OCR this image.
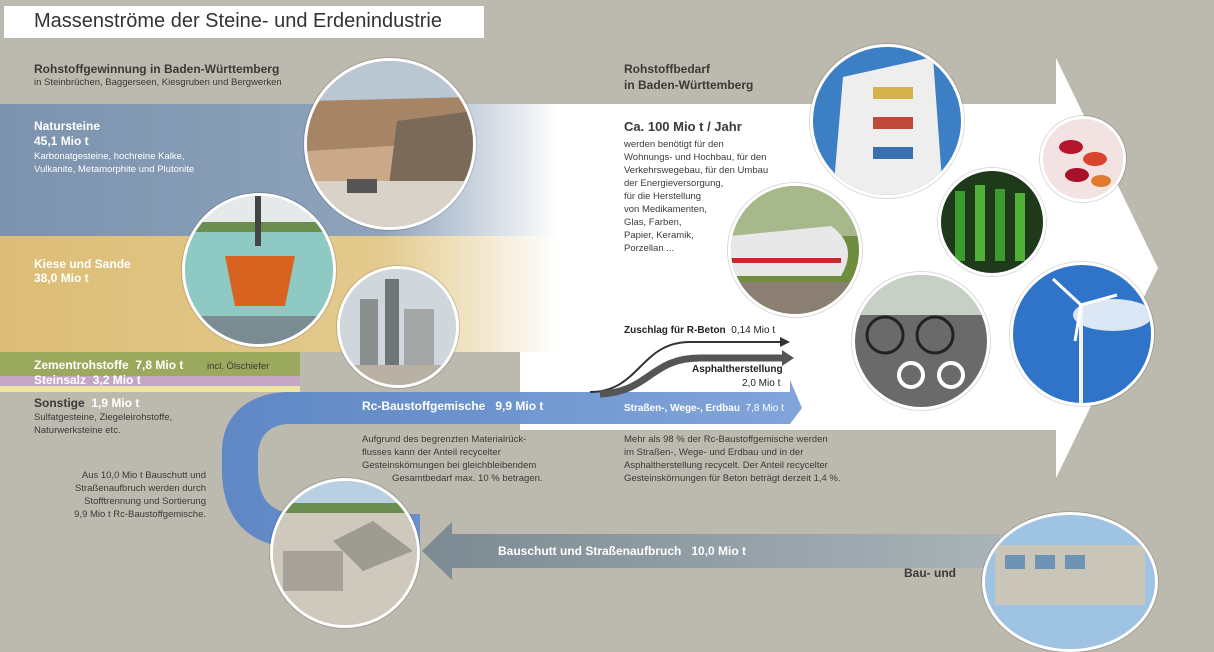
Massenströme der Steine- und Erdenindustrie
Rohstoffgewinnung in Baden-Württemberg
in Steinbrüchen, Baggerseen, Kiesgruben und Bergwerken
Natursteine
45,1 Mio t
Karbonatgesteine, hochreine Kalke,
Vulkanite, Metamorphite und Plutonite
Kiese und Sande
38,0 Mio t
Zementrohstoffe 7,8 Mio t incl. Ölschiefer
Steinsalz 3,2 Mio t
Sonstige 1,9 Mio t
Sulfatgesteine, Ziegeleirohstoffe,
Naturwerksteine etc.
Rohstoffbedarf
in Baden-Württemberg
Ca. 100 Mio t / Jahr
werden benötigt für den
Wohnungs- und Hochbau, für den
Verkehrswegebau, für den Umbau
der Energieversorgung,
für die Herstellung
von Medikamenten,
Glas, Farben,
Papier, Keramik,
Porzellan ...
Zuschlag für R-Beton 0,14 Mio t
Asphaltherstellung
2,0 Mio t
Straßen-, Wege-, Erdbau 7,8 Mio t
Mehr als 98 % der Rc-Baustoffgemische werden
im Straßen-, Wege- und Erdbau und in der
Asphaltherstellung recycelt. Der Anteil recycelter
Gesteinskörnungen für Beton beträgt derzeit 1,4 %.
Rc-Baustoffgemische 9,9 Mio t
Aufgrund des begrenzten Materialrück-
flusses kann der Anteil recycelter
Gesteinskörnungen bei gleichbleibendem
Gesamtbedarf max. 10 % betragen.
Aus 10,0 Mio t Bauschutt und
Straßenaufbruch werden durch
Stofftrennung und Sortierung
9,9 Mio t Rc-Baustoffgemische.
Bauschutt und Straßenaufbruch 10,0 Mio t
Bau- und
